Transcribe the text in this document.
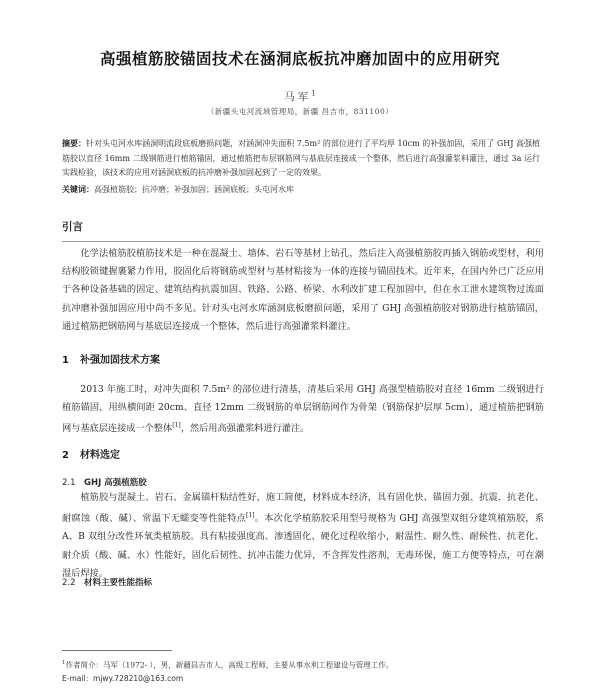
高强植筋胶锚固技术在涵洞底板抗冲磨加固中的应用研究
马军$^1$
（新疆头屯河流域管理局，新疆 昌吉市，831100）
摘要：针对头屯河水库涵洞明流段底板磨损问题，对涵洞冲失面积 7.5m² 的部位进行了平均厚 10cm 的补强加固，采用了 GHJ 高强植筋胶以直径 16mm 二级钢筋进行植筋锚固，通过植筋把布层钢筋网与基底层连接成一个整体，然后进行高强灌浆料灌注，通过 3a 运行实践检验，该技术的应用对涵洞底板的抗冲磨补强加固起到了一定的效果。
关键词：高强植筋胶；抗冲磨；补强加固；涵洞底板；头屯河水库
引言
化学法植筋胶植筋技术是一种在混凝土、墙体、岩石等基材上钻孔，然后注入高强植筋胶再插入钢筋或型材，利用结构胶锁键握裹紧力作用，胶固化后将钢筋或型材与基材粘接为一体的连接与锚固技术。近年来，在国内外已广泛应用于各种设备基础的固定、建筑结构抗震加固、铁路、公路、桥梁、水利改扩建工程加固中，但在水工泄水建筑物过流面抗冲磨补强加固应用中尚不多见。针对头屯河水库涵洞底板磨损问题，采用了 GHJ 高强植筋胶对钢筋进行植筋锚固，通过植筋把钢筋网与基底层连接成一个整体，然后进行高强灌浆料灌注。
1 补强加固技术方案
2013 年施工时，对冲失面积 7.5m² 的部位进行清基，清基后采用 GHJ 高强型植筋胶对直径 16mm 二级钢进行植筋锚固，用纵横间距 20cm、直径 12mm 二级钢筋的单层钢筋网作为骨架（钢筋保护层厚 5cm），通过植筋把钢筋网与基底层连接成一个整体[1]，然后用高强灌浆料进行灌注。
2 材料选定
2.1 GHJ 高强植筋胶
植筋胶与混凝土、岩石、金属锚杆粘结性好，施工简便，材料成本经济，具有固化快、锚固力强、抗震、抗老化、耐腐蚀（酸、碱）、常温下无蠕变等性能特点[1]。本次化学植筋胶采用型号规格为 GHJ 高强型双组分建筑植筋胶，系 A、B 双组分改性环氧类植筋胶。具有粘接强度高、渗透固化、硬化过程收缩小，耐温性、耐久性、耐候性、抗老化、耐介质（酸、碱、水）性能好，固化后韧性、抗冲击能力优异，不含挥发性溶剂，无毒环保，施工方便等特点，可在潮湿后焊接。
2.2 材料主要性能指标
$^1$作者简介：马军（1972- ），男，新疆昌吉市人，高级工程师，主要从事水利工程建设与管理工作。
E-mail：mjwy.728210@163.com
